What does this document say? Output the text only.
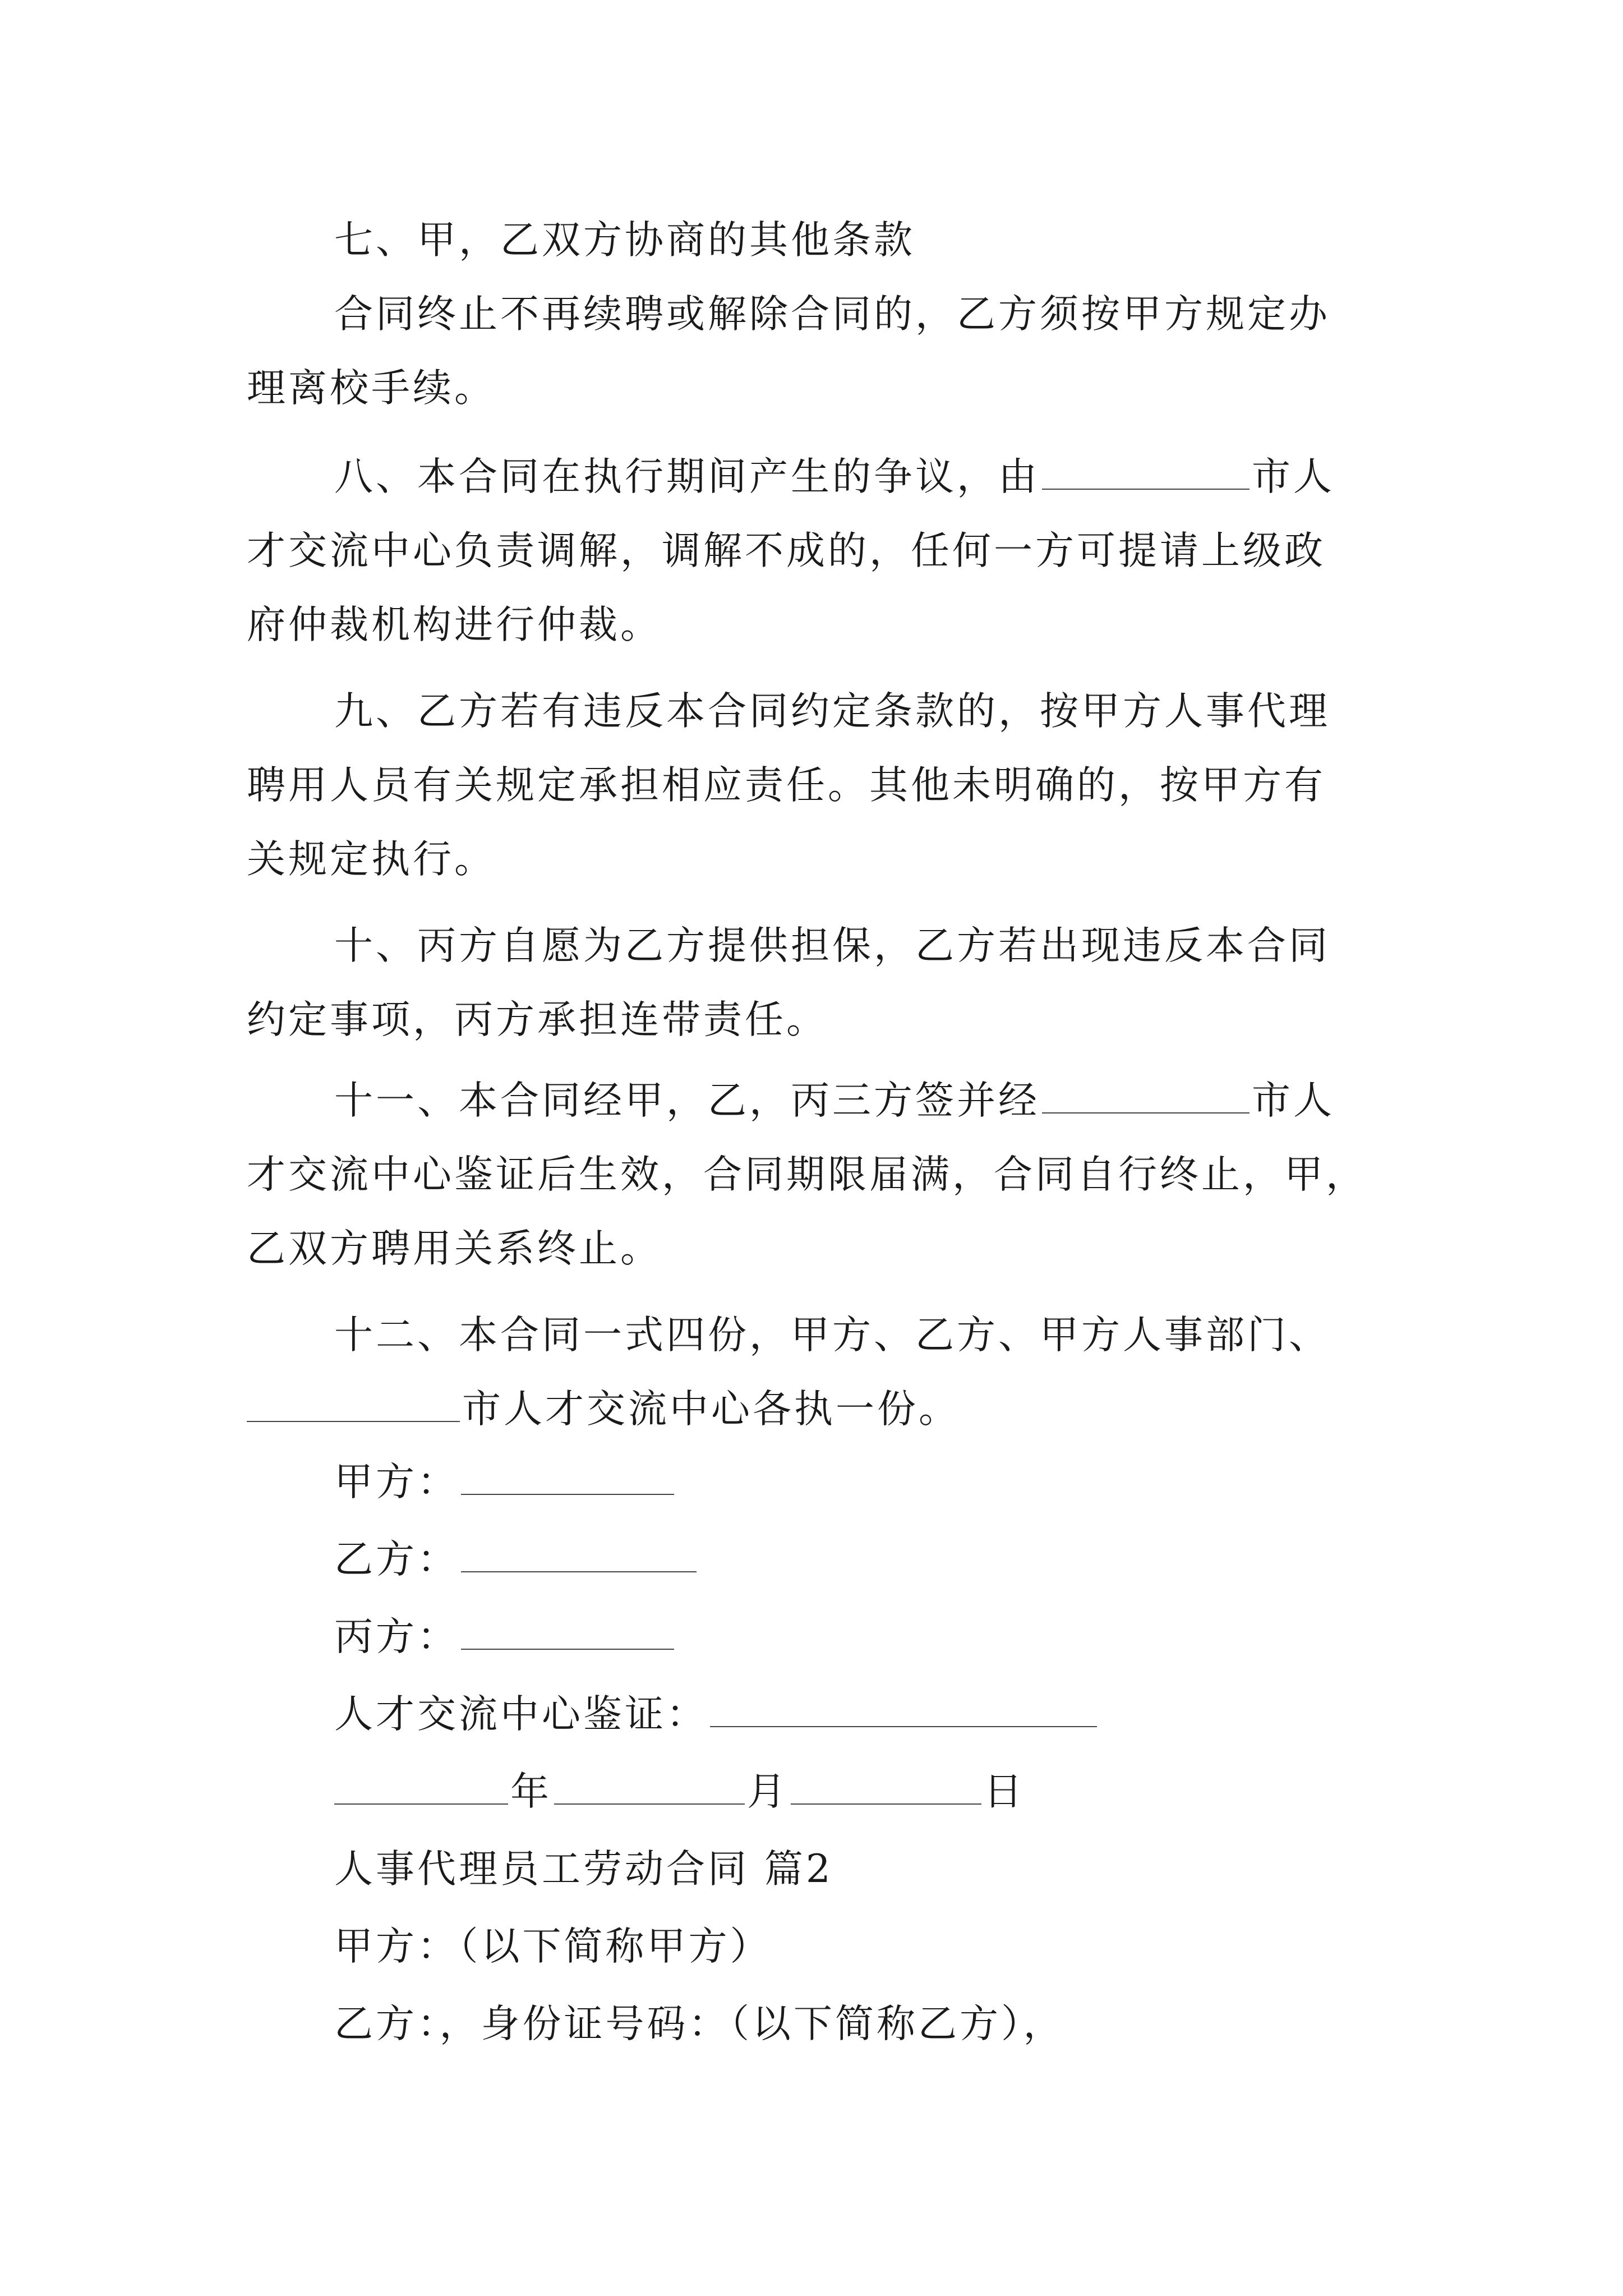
七、甲，乙双方协商的其他条款
合同终止不再续聘或解除合同的，乙方须按甲方规定办
理离校手续。
八、本合同在执行期间产生的争议，由	市人
才交流中心负责调解，调解不成的，任何一方可提请上级政
府仲裁机构进行仲裁。
九、乙方若有违反本合同约定条款的，按甲方人事代理
聘用人员有关规定承担相应责任。其他未明确的，按甲方有
关规定执行。
十、丙方自愿为乙方提供担保，乙方若出现违反本合同
约定事项，丙方承担连带责任。
十一、本合同经甲，乙，丙三方签并经	市人
才交流中心鉴证后生效，合同期限届满，合同自行终止，甲，
乙双方聘用关系终止。
十二、本合同一式四份，甲方、乙方、甲方人事部门、
市人才交流中心各执一份。
甲方：
乙方：
丙方：
人才交流中心鉴证：
年	月	日
人事代理员工劳动合同 篇2
甲方：（以下简称甲方）
乙方：，身份证号码：（以下简称乙方），
